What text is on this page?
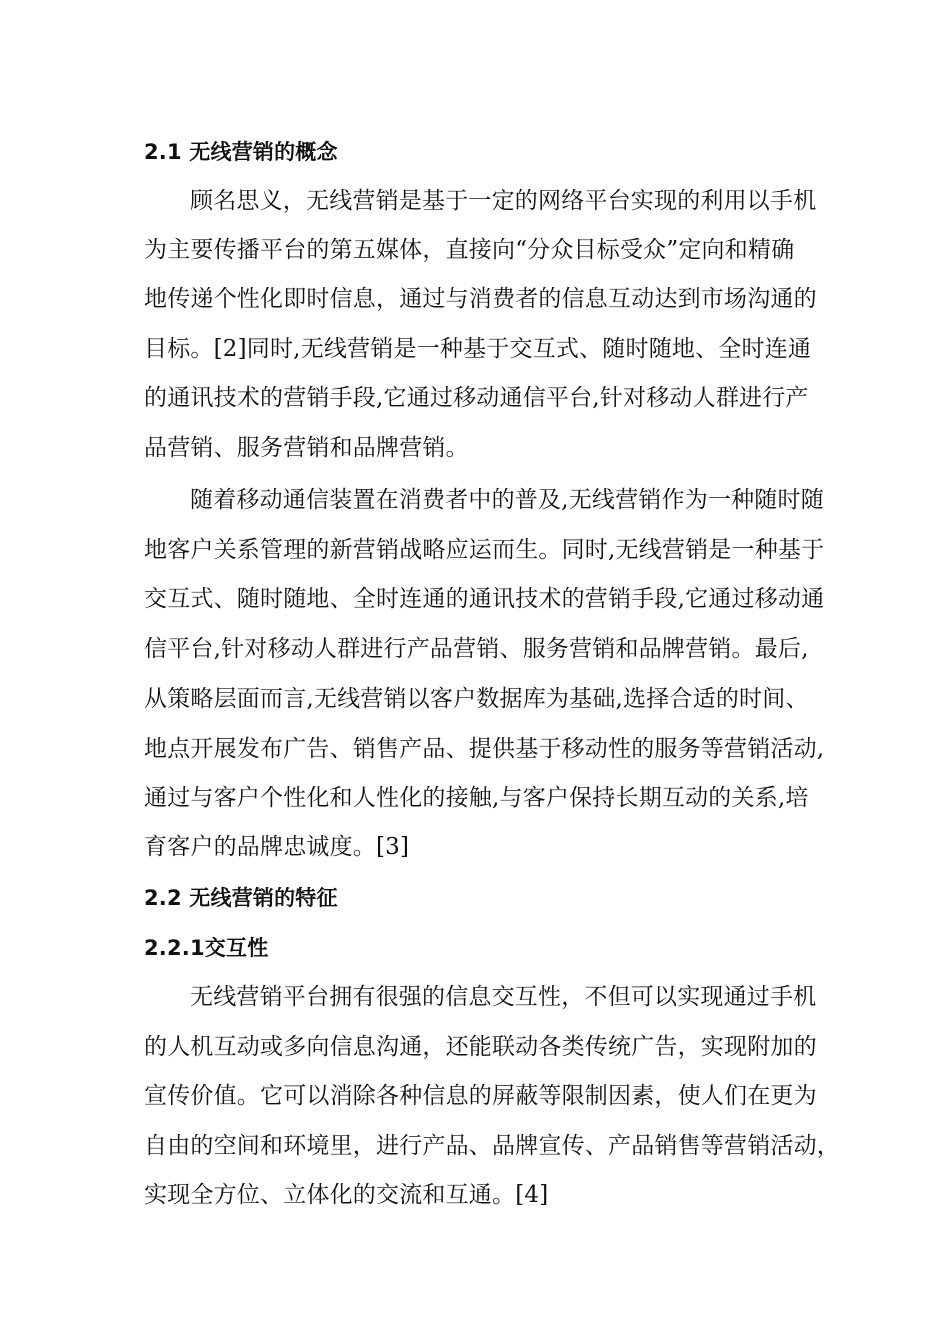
2.1 无线营销的概念
顾名思义，无线营销是基于一定的网络平台实现的利用以手机
为主要传播平台的第五媒体，直接向“分众目标受众”定向和精确
地传递个性化即时信息，通过与消费者的信息互动达到市场沟通的
目标。[2]同时,无线营销是一种基于交互式、随时随地、全时连通
的通讯技术的营销手段,它通过移动通信平台,针对移动人群进行产
品营销、服务营销和品牌营销。
随着移动通信装置在消费者中的普及,无线营销作为一种随时随
地客户关系管理的新营销战略应运而生。同时,无线营销是一种基于
交互式、随时随地、全时连通的通讯技术的营销手段,它通过移动通
信平台,针对移动人群进行产品营销、服务营销和品牌营销。最后,
从策略层面而言,无线营销以客户数据库为基础,选择合适的时间、
地点开展发布广告、销售产品、提供基于移动性的服务等营销活动,
通过与客户个性化和人性化的接触,与客户保持长期互动的关系,培
育客户的品牌忠诚度。[3]
2.2 无线营销的特征
2.2.1交互性
无线营销平台拥有很强的信息交互性，不但可以实现通过手机
的人机互动或多向信息沟通，还能联动各类传统广告，实现附加的
宣传价值。它可以消除各种信息的屏蔽等限制因素，使人们在更为
自由的空间和环境里，进行产品、品牌宣传、产品销售等营销活动，
实现全方位、立体化的交流和互通。[4]
